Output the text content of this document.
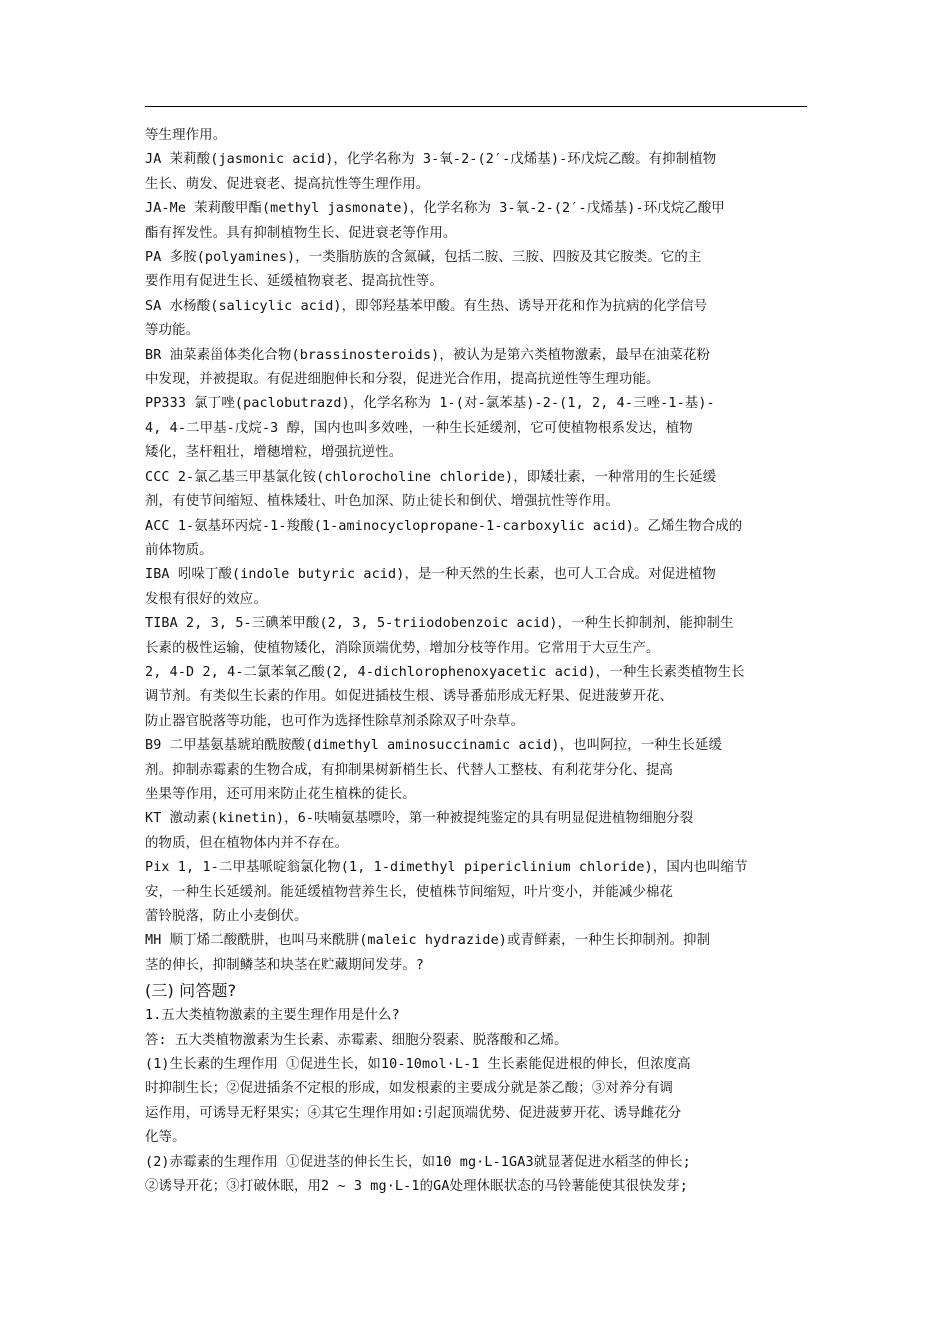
等生理作用。
JA 茉莉酸(jasmonic acid)，化学名称为 3-氧-2-(2′-戊烯基)-环戊烷乙酸。有抑制植物
生长、萌发、促进衰老、提高抗性等生理作用。
JA-Me 茉莉酸甲酯(methyl jasmonate)，化学名称为 3-氧-2-(2′-戊烯基)-环戊烷乙酸甲
酯有挥发性。具有抑制植物生长、促进衰老等作用。
PA 多胺(polyamines)，一类脂肪族的含氮碱，包括二胺、三胺、四胺及其它胺类。它的主
要作用有促进生长、延缓植物衰老、提高抗性等。
SA 水杨酸(salicylic acid)，即邻羟基苯甲酸。有生热、诱导开花和作为抗病的化学信号
等功能。
BR 油菜素甾体类化合物(brassinosteroids)，被认为是第六类植物激素，最早在油菜花粉
中发现，并被提取。有促进细胞伸长和分裂，促进光合作用，提高抗逆性等生理功能。
PP333 氯丁唑(paclobutrazd)，化学名称为 1-(对-氯苯基)-2-(1, 2, 4-三唑-1-基)-
4, 4-二甲基-戊烷-3 醇，国内也叫多效唑，一种生长延缓剂，它可使植物根系发达，植物
矮化，茎杆粗壮，增穗增粒，增强抗逆性。
CCC 2-氯乙基三甲基氯化铵(chlorocholine chloride)，即矮壮素，一种常用的生长延缓
剂，有使节间缩短、植株矮壮、叶色加深、防止徒长和倒伏、增强抗性等作用。
ACC 1-氨基环丙烷-1-羧酸(1-aminocyclopropane-1-carboxylic acid)。乙烯生物合成的
前体物质。
IBA 吲哚丁酸(indole butyric acid)，是一种天然的生长素，也可人工合成。对促进植物
发根有很好的效应。
TIBA 2, 3, 5-三碘苯甲酸(2, 3, 5-triiodobenzoic acid)，一种生长抑制剂，能抑制生
长素的极性运输，使植物矮化，消除顶端优势，增加分枝等作用。它常用于大豆生产。
2, 4-D 2, 4-二氯苯氧乙酸(2, 4-dichlorophenoxyacetic acid)，一种生长素类植物生长
调节剂。有类似生长素的作用。如促进插枝生根、诱导番茄形成无籽果、促进菠萝开花、
防止器官脱落等功能，也可作为选择性除草剂杀除双子叶杂草。
B9 二甲基氨基琥珀酰胺酸(dimethyl aminosuccinamic acid)，也叫阿拉，一种生长延缓
剂。抑制赤霉素的生物合成，有抑制果树新梢生长、代替人工整枝、有利花芽分化、提高
坐果等作用，还可用来防止花生植株的徒长。
KT 激动素(kinetin)，6-呋喃氨基嘌呤，第一种被提纯鉴定的具有明显促进植物细胞分裂
的物质，但在植物体内并不存在。
Pix 1, 1-二甲基哌啶翁氯化物(1, 1-dimethyl pipericlinium chloride)，国内也叫缩节
安，一种生长延缓剂。能延缓植物营养生长，使植株节间缩短，叶片变小，并能减少棉花
蕾铃脱落，防止小麦倒伏。
MH 顺丁烯二酸酰肼，也叫马来酰肼(maleic hydrazide)或青鲜素，一种生长抑制剂。抑制
茎的伸长，抑制鳞茎和块茎在贮藏期间发芽。?
(三) 问答题?
1.五大类植物激素的主要生理作用是什么?
答: 五大类植物激素为生长素、赤霉素、细胞分裂素、脱落酸和乙烯。
(1)生长素的生理作用 ①促进生长，如10-10mol·L-1 生长素能促进根的伸长，但浓度高
时抑制生长；②促进插条不定根的形成，如发根素的主要成分就是茶乙酸；③对养分有调
运作用，可诱导无籽果实；④其它生理作用如:引起顶端优势、促进菠萝开花、诱导雌花分
化等。
(2)赤霉素的生理作用 ①促进茎的伸长生长，如10 mg·L-1GA3就显著促进水稻茎的伸长;
②诱导开花；③打破休眠，用2 ~ 3 mg·L-1的GA处理休眠状态的马铃薯能使其很快发芽;
